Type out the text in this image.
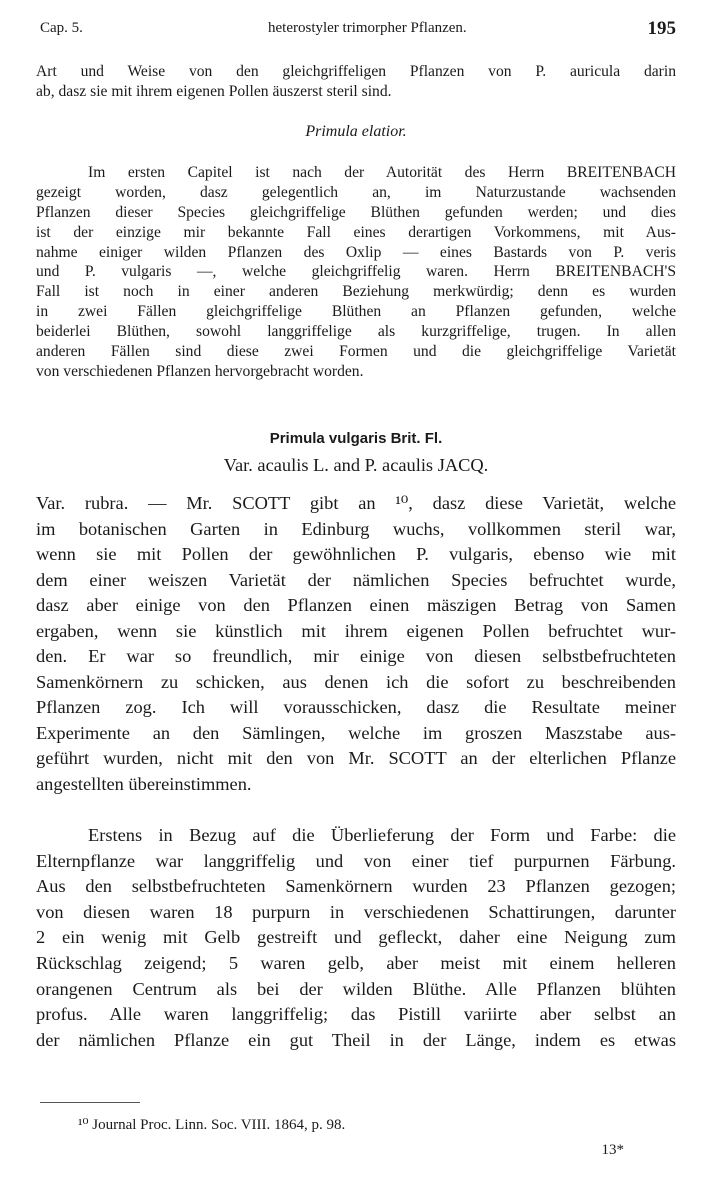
Cap. 5.	heterostyler trimorpher Pflanzen.	195
Art und Weise von den gleichgriffeligen Pflanzen von P. auricula darin
ab, dasz sie mit ihrem eigenen Pollen äuszerst steril sind.
Primula elatior.
Im ersten Capitel ist nach der Autorität des Herrn BREITENBACH
gezeigt worden, dasz gelegentlich an, im Naturzustande wachsenden
Pflanzen dieser Species gleichgriffelige Blüthen gefunden werden; und dies
ist der einzige mir bekannte Fall eines derartigen Vorkommens, mit Aus-
nahme einiger wilden Pflanzen des Oxlip — eines Bastards von P. veris
und P. vulgaris —, welche gleichgriffelig waren. Herrn BREITENBACH'S
Fall ist noch in einer anderen Beziehung merkwürdig; denn es wurden
in zwei Fällen gleichgriffelige Blüthen an Pflanzen gefunden, welche
beiderlei Blüthen, sowohl langgriffelige als kurzgriffelige, trugen. In allen
anderen Fällen sind diese zwei Formen und die gleichgriffelige Varietät
von verschiedenen Pflanzen hervorgebracht worden.
Primula vulgaris Brit. Fl.
Var. acaulis L. and P. acaulis JACQ.
Var. rubra. — Mr. SCOTT gibt an ¹⁰, dasz diese Varietät, welche
im botanischen Garten in Edinburg wuchs, vollkommen steril war,
wenn sie mit Pollen der gewöhnlichen P. vulgaris, ebenso wie mit
dem einer weiszen Varietät der nämlichen Species befruchtet wurde,
dasz aber einige von den Pflanzen einen mäszigen Betrag von Samen
ergaben, wenn sie künstlich mit ihrem eigenen Pollen befruchtet wur-
den. Er war so freundlich, mir einige von diesen selbstbefruchteten
Samenkörnern zu schicken, aus denen ich die sofort zu beschreibenden
Pflanzen zog. Ich will vorausschicken, dasz die Resultate meiner
Experimente an den Sämlingen, welche im groszen Maszstabe aus-
geführt wurden, nicht mit den von Mr. SCOTT an der elterlichen Pflanze
angestellten übereinstimmen.
Erstens in Bezug auf die Überlieferung der Form und Farbe: die
Elternpflanze war langgriffelig und von einer tief purpurnen Färbung.
Aus den selbstbefruchteten Samenkörnern wurden 23 Pflanzen gezogen;
von diesen waren 18 purpurn in verschiedenen Schattirungen, darunter
2 ein wenig mit Gelb gestreift und gefleckt, daher eine Neigung zum
Rückschlag zeigend; 5 waren gelb, aber meist mit einem helleren
orangenen Centrum als bei der wilden Blüthe. Alle Pflanzen blühten
profus. Alle waren langgriffelig; das Pistill variirte aber selbst an
der nämlichen Pflanze ein gut Theil in der Länge, indem es etwas
¹⁰ Journal Proc. Linn. Soc. VIII. 1864, p. 98.
13*
